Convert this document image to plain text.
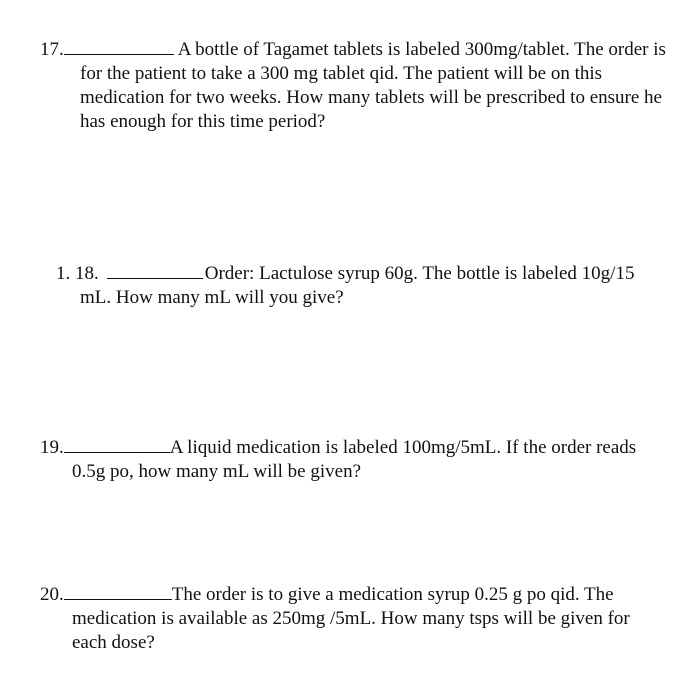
17.	A bottle of Tagamet tablets is labeled 300mg/tablet. The order is
for the patient to take a 300 mg tablet qid. The patient will be on this
medication for two weeks. How many tablets will be prescribed to ensure he
has enough for this time period?
1. 18.	Order: Lactulose syrup 60g. The bottle is labeled 10g/15
mL. How many mL will you give?
19.	A liquid medication is labeled 100mg/5mL. If the order reads
0.5g po, how many mL will be given?
20.	The order is to give a medication syrup 0.25 g po qid. The
medication is available as 250mg /5mL. How many tsps will be given for
each dose?
